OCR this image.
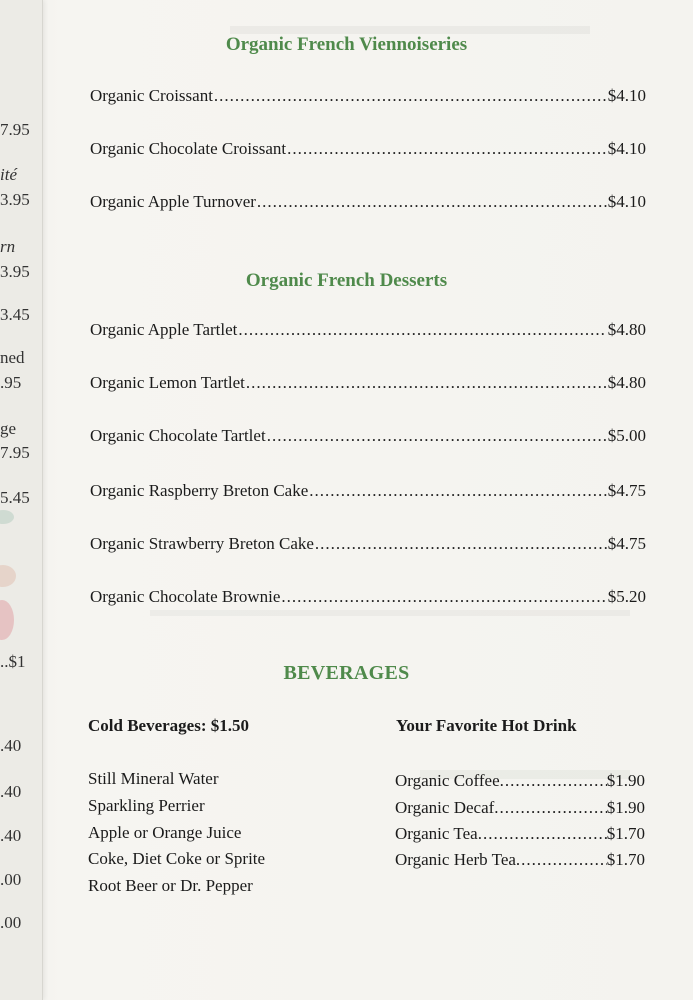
7.95
ité
3.95
rn
3.95
3.45
ned
.95
ge
7.95
5.45
..$1
.40
.40
.40
.00
.00
Organic French Viennoiseries
Organic Croissant .....	$4.10
Organic Chocolate Croissant .....	$4.10
Organic Apple Turnover .....	$4.10
Organic French Desserts
Organic Apple Tartlet .....	$4.80
Organic Lemon Tartlet .....	$4.80
Organic Chocolate Tartlet .....	$5.00
Organic Raspberry Breton Cake .....	$4.75
Organic Strawberry Breton Cake .....	$4.75
Organic Chocolate Brownie .....	$5.20
BEVERAGES
Cold Beverages: $1.50	Your Favorite Hot Drink
Still Mineral Water
Sparkling Perrier
Apple or Orange Juice
Coke, Diet Coke or Sprite
Root Beer or Dr. Pepper
Organic Coffee .....	$1.90
Organic Decaf .....	$1.90
Organic Tea .....	$1.70
Organic Herb Tea .....	$1.70
